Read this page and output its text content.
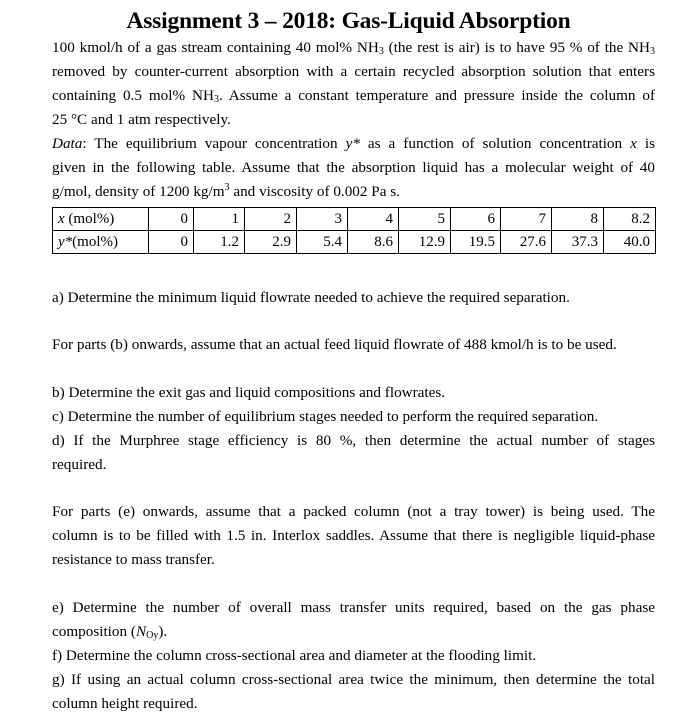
Assignment 3 – 2018: Gas-Liquid Absorption
100 kmol/h of a gas stream containing 40 mol% $NH_3$ (the rest is air) is to have 95 % of the $NH_3$
removed by counter-current absorption with a certain recycled absorption solution that enters
containing 0.5 mol% $NH_3$. Assume a constant temperature and pressure inside the column of
25 °C and 1 atm respectively.
Data: The equilibrium vapour concentration y* as a function of solution concentration x is
given in the following table. Assume that the absorption liquid has a molecular weight of 40
g/mol, density of 1200 $kg/m^3$ and viscosity of 0.002 Pa s.
x (mol%)	0	1	2	3	4	5	6	7	8	8.2
y*(mol%)	0	1.2	2.9	5.4	8.6	12.9	19.5	27.6	37.3	40.0
a) Determine the minimum liquid flowrate needed to achieve the required separation.
For parts (b) onwards, assume that an actual feed liquid flowrate of 488 kmol/h is to be used.
b) Determine the exit gas and liquid compositions and flowrates.
c) Determine the number of equilibrium stages needed to perform the required separation.
d) If the Murphree stage efficiency is 80 %, then determine the actual number of stages
required.
For parts (e) onwards, assume that a packed column (not a tray tower) is being used. The
column is to be filled with 1.5 in. Interlox saddles. Assume that there is negligible liquid-phase
resistance to mass transfer.
e) Determine the number of overall mass transfer units required, based on the gas phase
composition $(N_{Oy})$.
f) Determine the column cross-sectional area and diameter at the flooding limit.
g) If using an actual column cross-sectional area twice the minimum, then determine the total
column height required.
